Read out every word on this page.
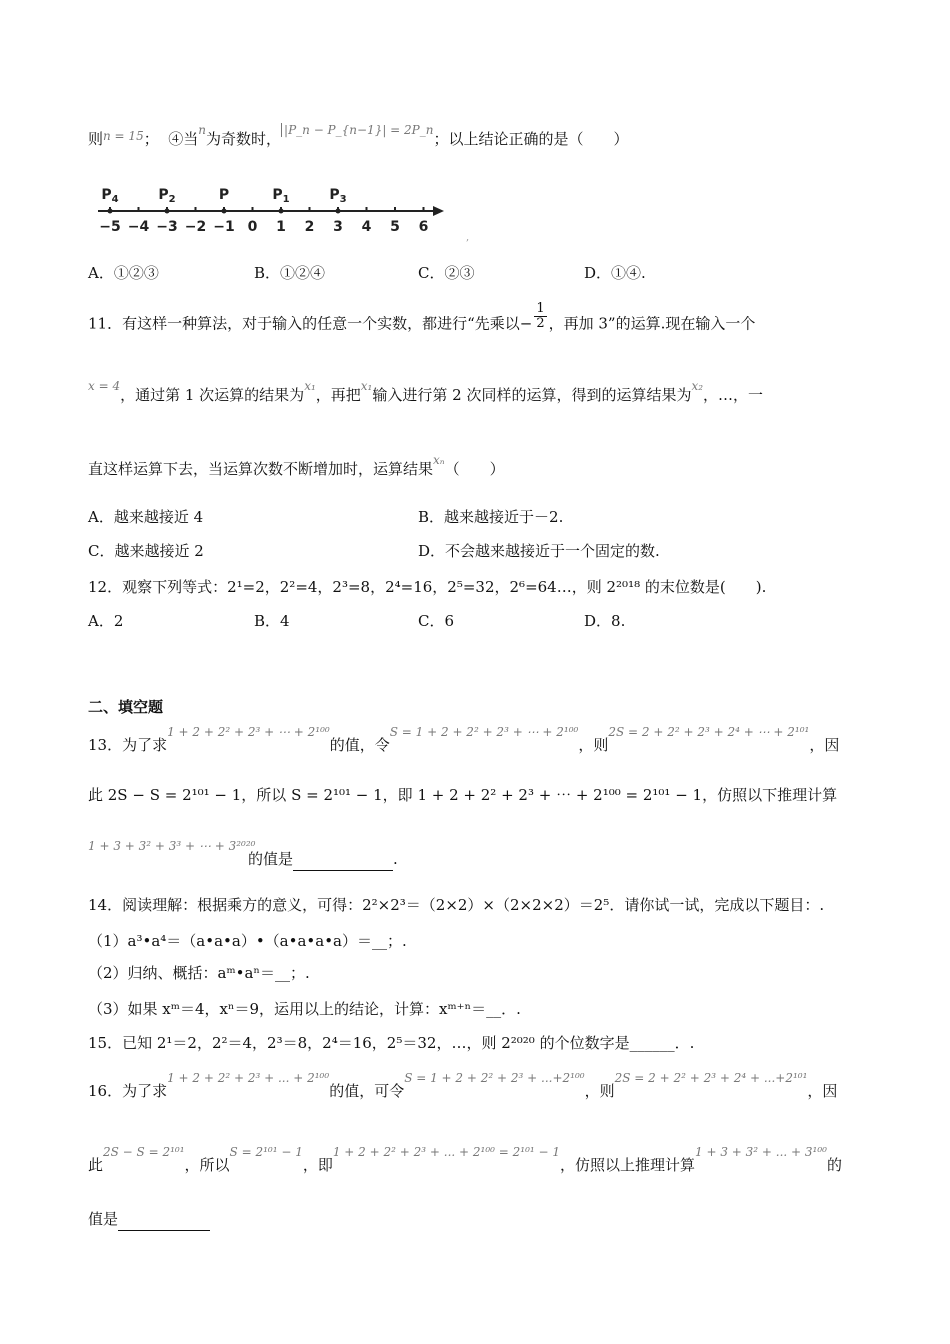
则$^{n = 15}$； ④当$^n$为奇数时， $^{|P\_n - P\_\{n-1\}| = 2P\_n}$；以上结论正确的是（　　）
−5 −4 −3 −2 −1 0 1 2 3 4 5 6
$P_4$	$P_2$	P	$P_1$	$P_3$
,
A．①②③	B．①②④	C．②③	D．①④.
11．有这样一种算法，对于输入的任意一个实数，都进行“先乘以− $\frac{1}{2}$ ，再加 3”的运算.现在输入一个
$^{x = 4}$，通过第 1 次运算的结果为$^{x_1}$，再把$^{x_1}$输入进行第 2 次同样的运算，得到的运算结果为$^{x_2}$，…，一
直这样运算下去，当运算次数不断增加时，运算结果$^{x_n}$（　　）
A．越来越接近 4	B．越来越接近于－2.
C．越来越接近 2	D．不会越来越接近于一个固定的数.
12．观察下列等式：2¹=2，2²=4，2³=8，2⁴=16，2⁵=32，2⁶=64…，则 2²⁰¹⁸ 的末位数是(　　).
A．2	B．4	C．6	D．8.
二、填空题
13．为了求$^{1 + 2 + 2^2 + 2^3 + \cdots + 2^{100}}$的值，令$^{S = 1 + 2 + 2^2 + 2^3 + \cdots + 2^{100}}$，则$^{2S = 2 + 2^2 + 2^3 + 2^4 + \cdots + 2^{101}}$，因
此 2S − S = 2¹⁰¹ − 1，所以 S = 2¹⁰¹ − 1，即 1 + 2 + 2² + 2³ + ⋯ + 2¹⁰⁰ = 2¹⁰¹ − 1，仿照以下推理计算
1 + 3 + 3² + 3³ + ⋯ + 3²⁰²⁰
的值是	.
14．阅读理解：根据乘方的意义，可得：2²×2³＝（2×2）×（2×2×2）＝2⁵．请你试一试，完成以下题目：.
（1）a³•a⁴＝（a•a•a）•（a•a•a•a）＝__；.
（2）归纳、概括：aᵐ•aⁿ＝__；.
（3）如果 xᵐ＝4，xⁿ＝9，运用以上的结论，计算：xᵐ⁺ⁿ＝__．.
15．已知 2¹＝2，2²＝4，2³＝8，2⁴＝16，2⁵＝32，…，则 2²⁰²⁰ 的个位数字是______．.
16．为了求$^{1 + 2 + 2^2 + 2^3 + ... + 2^{100}}$的值，可令$^{S = 1 + 2 + 2^2 + 2^3 + ...+2^{100}}$，则$^{2S = 2 + 2^2 + 2^3 + 2^4 + ...+2^{101}}$，因
此$^{2S - S = 2^{101}}$，所以$^{S = 2^{101} - 1}$，即$^{1 + 2 + 2^2 + 2^3 + ... + 2^{100} = 2^{101} - 1}$，仿照以上推理计算$^{1 + 3 + 3^2 + ... + 3^{100}}$的
值是
